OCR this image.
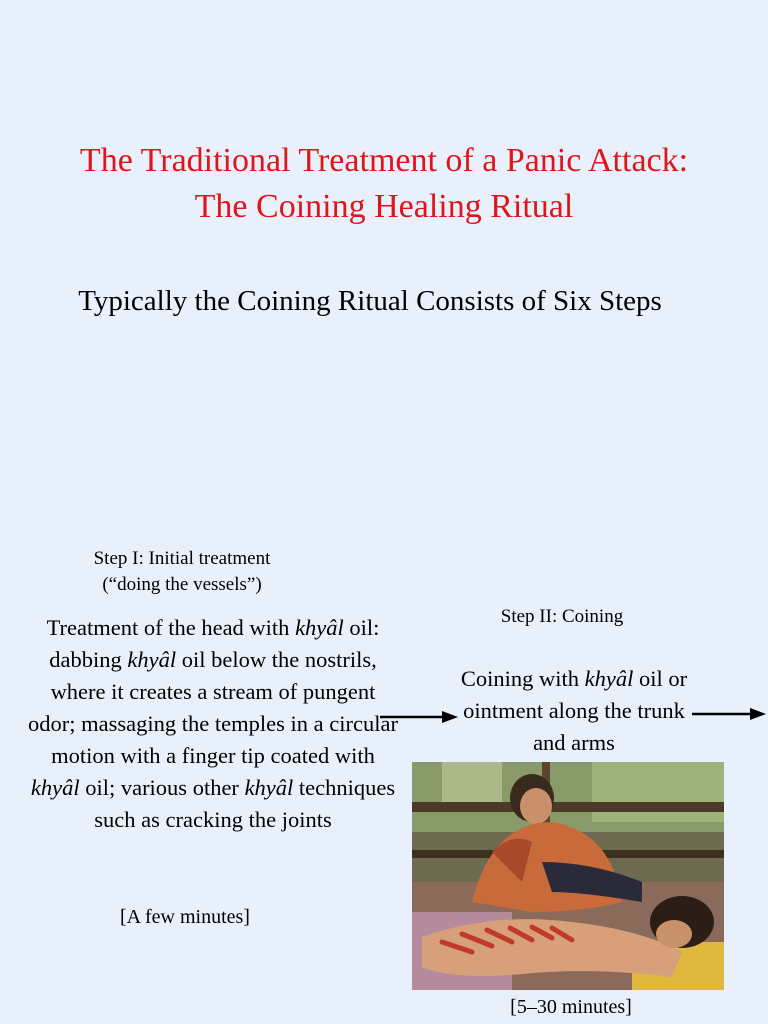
The Traditional Treatment of a Panic Attack:
The Coining Healing Ritual
Typically the Coining Ritual Consists of Six Steps
Step I: Initial treatment
(“doing the vessels”)
Treatment of the head with khyâl oil: dabbing khyâl oil below the nostrils, where it creates a stream of pungent odor; massaging the temples in a circular motion with a finger tip coated with khyâl oil; various other khyâl techniques such as cracking the joints
[A few minutes]
Step II: Coining
Coining with khyâl oil or ointment along the trunk and arms
[5–30 minutes]
